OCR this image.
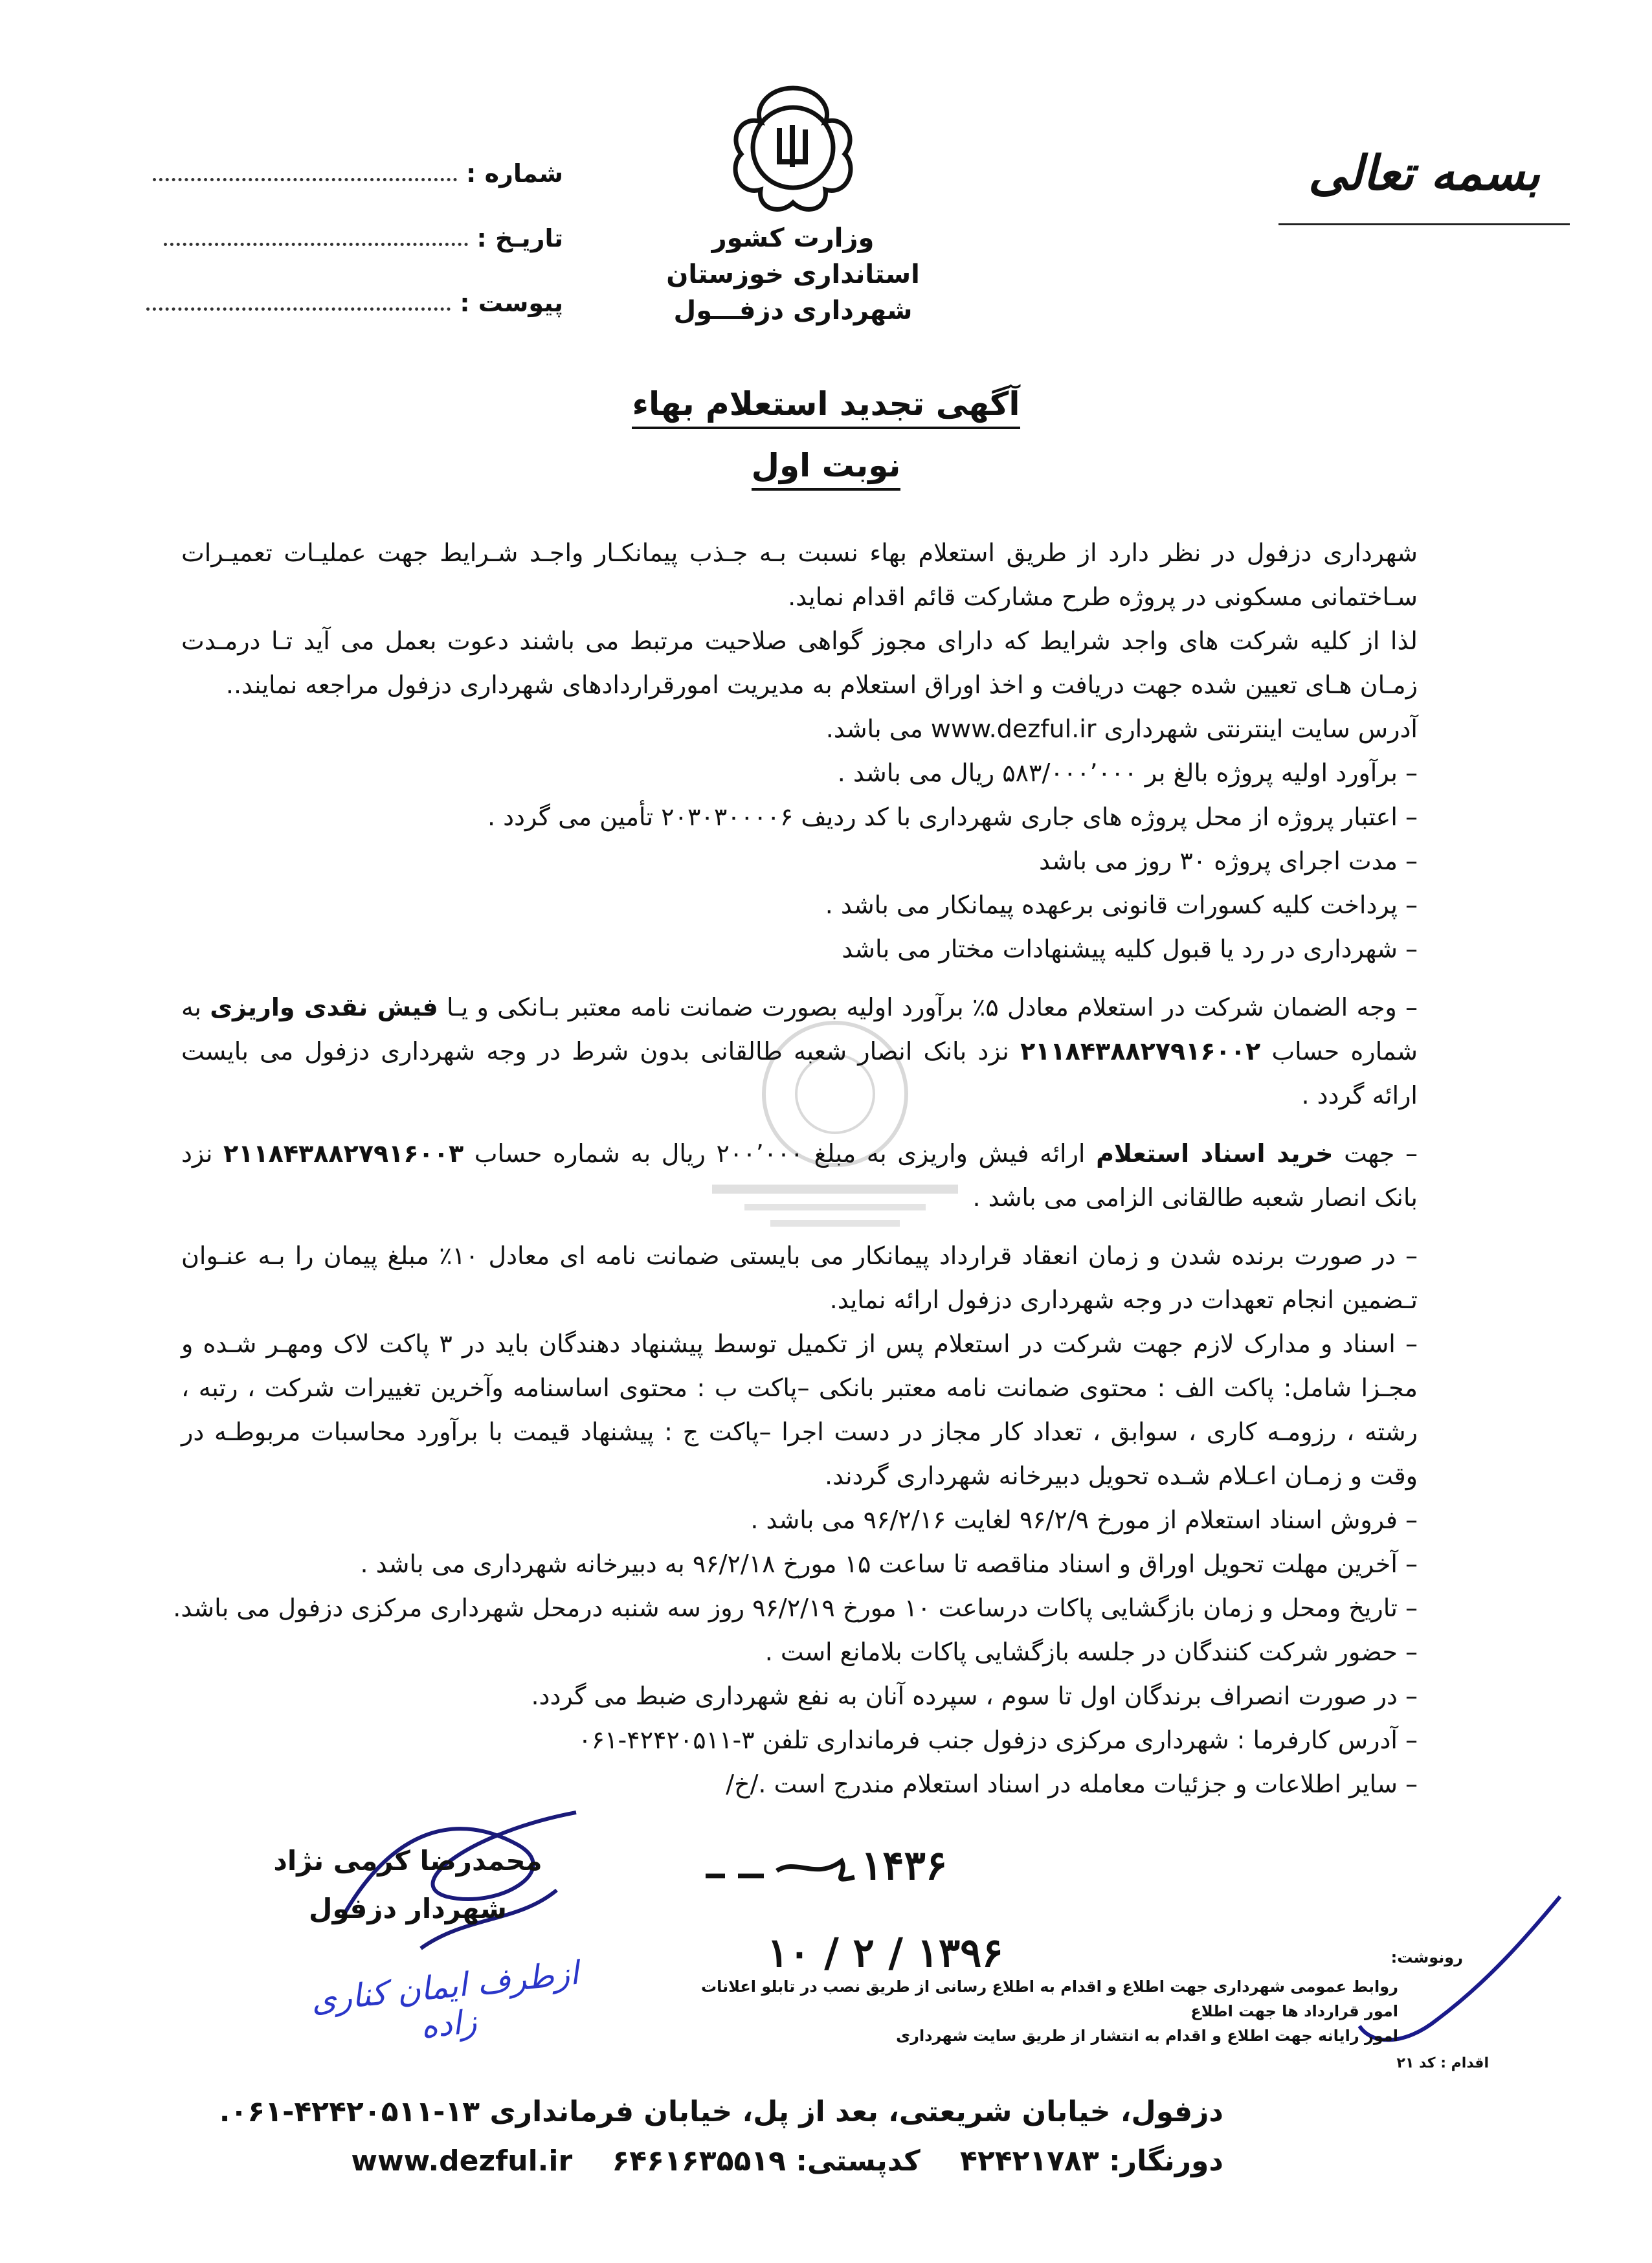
بسمه تعالی
وزارت کشور
استانداری خوزستان
شهرداری دزفـــول
شماره :
تاریـخ :
پیوست :
آگهی تجدید استعلام بهاء
نوبت اول

شهرداری دزفول در نظر دارد از طریق استعلام بهاء نسبت بـه جـذب پیمانکـار واجـد شـرایط جهت عملیـات تعمیـرات سـاختمانی مسکونی در پروژه طرح مشارکت قائم اقدام نماید.

لذا از کلیه شرکت های واجد شرایط که دارای مجوز گواهی صلاحیت مرتبط می باشند دعوت بعمل می آید تـا درمـدت زمـان هـای تعیین شده جهت دریافت و اخذ اوراق استعلام به مدیریت امورقراردادهای شهرداری دزفول مراجعه نمایند..

آدرس سایت اینترنتی شهرداری www.dezful.ir می باشد.

– برآورد اولیه پروژه بالغ بر ۵۸۳/۰۰۰٬۰۰۰ ریال می باشد .

– اعتبار پروژه از محل پروژه های جاری شهرداری با کد ردیف ۲۰۳۰۳۰۰۰۰۶ تأمین می گردد .

– مدت اجرای پروژه ۳۰ روز می باشد

– پرداخت کلیه کسورات قانونی برعهده پیمانکار می باشد .

– شهرداری در رد یا قبول کلیه پیشنهادات مختار می باشد

– وجه الضمان شرکت در استعلام معادل ۵٪ برآورد اولیه بصورت ضمانت نامه معتبر بـانکی و یـا فیش نقدی واریزی به شماره حساب ۲۱۱۸۴۳۸۸۲۷۹۱۶۰۰۲ نزد بانک انصار شعبه طالقانی بدون شرط در وجه شهرداری دزفول می بایست ارائه گردد .

– جهت خرید اسناد استعلام ارائه فیش واریزی به مبلغ ۲۰۰٬۰۰۰ ریال به شماره حساب ۲۱۱۸۴۳۸۸۲۷۹۱۶۰۰۳ نزد بانک انصار شعبه طالقانی الزامی می باشد .

– در صورت برنده شدن و زمان انعقاد قرارداد پیمانکار می بایستی ضمانت نامه ای معادل ۱۰٪ مبلغ پیمان را بـه عنـوان تـضمین انجام تعهدات در وجه شهرداری دزفول ارائه نماید.

– اسناد و مدارک لازم جهت شرکت در استعلام پس از تکمیل توسط پیشنهاد دهندگان باید در ۳ پاکت لاک ومهـر شـده و مجـزا شامل: پاکت الف : محتوی ضمانت نامه معتبر بانکی –پاکت ب : محتوی اساسنامه وآخرین تغییرات شرکت ، رتبه ، رشته ، رزومـه کاری ، سوابق ، تعداد کار مجاز در دست اجرا –پاکت ج : پیشنهاد قیمت با برآورد محاسبات مربوطـه در وقت و زمـان اعـلام شـده تحویل دبیرخانه شهرداری گردند.

– فروش اسناد استعلام از مورخ ۹۶/۲/۹ لغایت ۹۶/۲/۱۶ می باشد .

– آخرین مهلت تحویل اوراق و اسناد مناقصه تا ساعت ۱۵ مورخ ۹۶/۲/۱۸ به دبیرخانه شهرداری می باشد .

– تاریخ ومحل و زمان بازگشایی پاکات درساعت ۱۰ مورخ ۹۶/۲/۱۹ روز سه شنبه درمحل شهرداری مرکزی دزفول می باشد.

– حضور شرکت کنندگان در جلسه بازگشایی پاکات بلامانع است .

– در صورت انصراف برندگان اول تا سوم ، سپرده آنان به نفع شهرداری ضبط می گردد.

– آدرس کارفرما : شهرداری مرکزی دزفول جنب فرمانداری تلفن ۳-۴۲۴۲۰۵۱۱-۰۶۱

– سایر اطلاعات و جزئیات معامله در اسناد استعلام مندرج است ./خ/

محمدرضا کرمی نژاد
شهردار دزفول
ازطرف ایمان کناری زاده
۱۴۳۶
۱۳۹۶ / ۲ / ۱۰	رونوشت:
روابط عمومی شهرداری جهت اطلاع و اقدام به اطلاع رسانی از طریق نصب در تابلو اعلانات
امور قرارداد ها جهت اطلاع
امور رایانه جهت اطلاع و اقدام به انتشار از طریق سایت شهرداری
اقدام : کد ۲۱
دزفول، خیابان شریعتی، بعد از پل، خیابان فرمانداری ۱۳-۴۲۴۲۰۵۱۱-۰۶۱.
دورنگار: ۴۲۴۲۱۷۸۳    کدپستی: ۶۴۶۱۶۳۵۵۱۹    www.dezful.ir
